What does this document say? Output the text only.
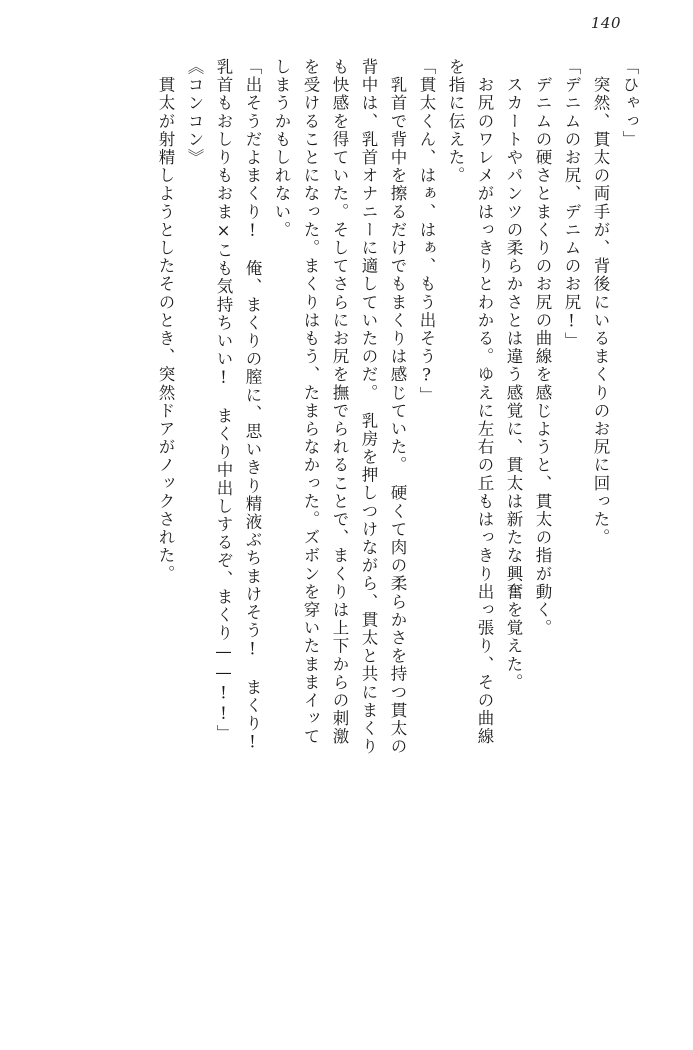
140
「ひゃっ」
　突然、貫太の両手が、背後にいるまくりのお尻に回った。
「デニムのお尻、デニムのお尻!」
　デニムの硬さとまくりのお尻の曲線を感じようと、貫太の指が動く。
　スカートやパンツの柔らかさとは違う感覚に、貫太は新たな興奮を覚えた。
　お尻のワレメがはっきりとわかる。ゆえに左右の丘もはっきり出っ張り、その曲線
を指に伝えた。
「貫太くん、はぁ、はぁ、もう出そう?」
　乳首で背中を擦るだけでもまくりは感じていた。　硬くて肉の柔らかさを持つ貫太の
背中は、乳首オナニーに適していたのだ。　乳房を押しつけながら、貫太と共にまくり
も快感を得ていた。そしてさらにお尻を撫でられることで、まくりは上下からの刺激
を受けることになった。まくりはもう、たまらなかった。ズボンを穿いたままイッて
しまうかもしれない。
「出そうだよまくり!　俺、まくりの膣に、思いきり精液ぶちまけそう!　まくり!
乳首もおしりもおま×こも気持ちいい!　まくり中出しするぞ、まくり——!!」
《コンコン》
　貫太が射精しようとしたそのとき、突然ドアがノックされた。
